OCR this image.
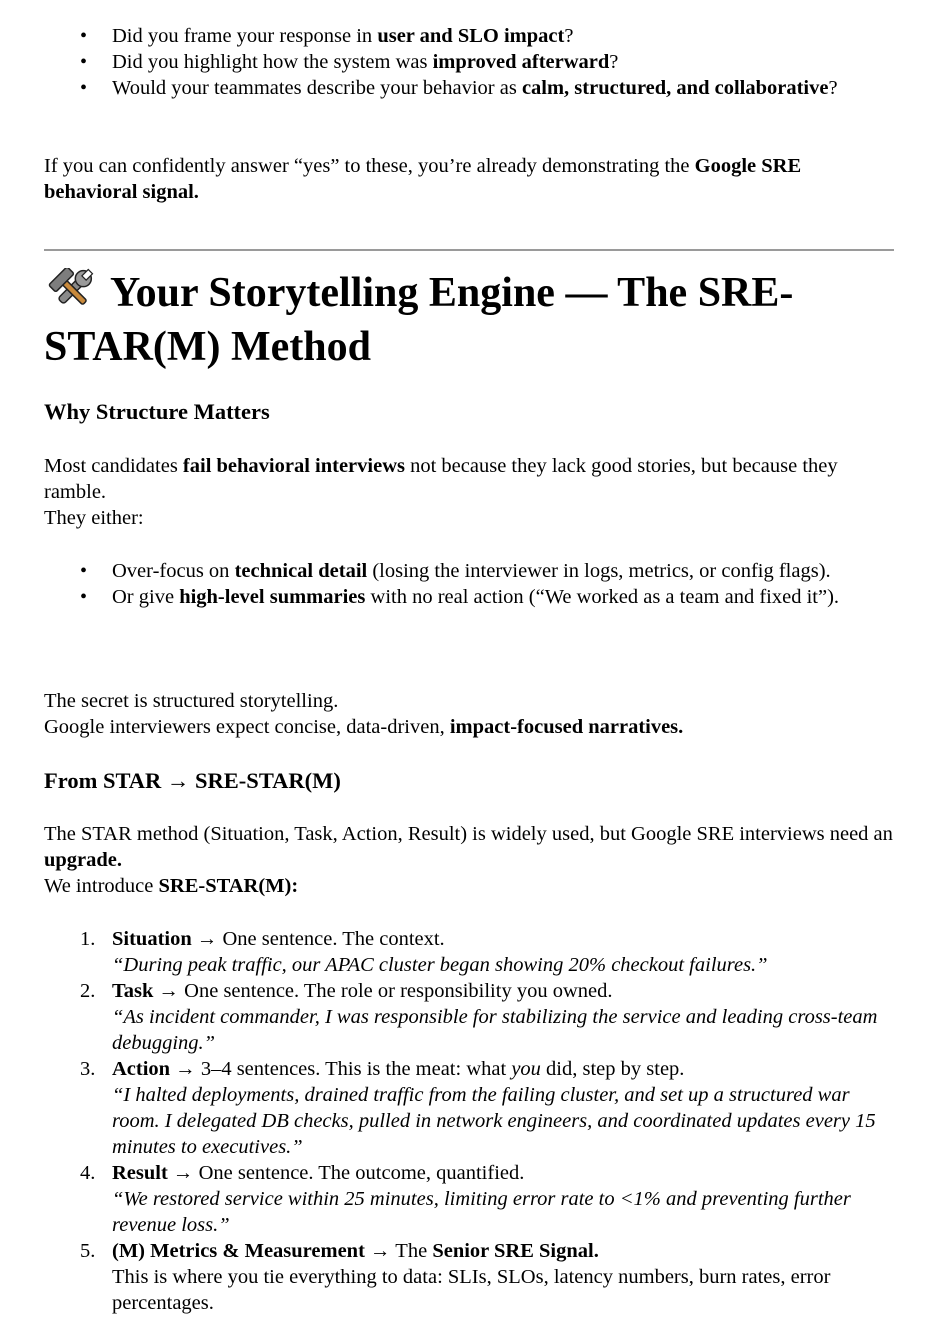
• Did you frame your response in user and SLO impact?
• Did you highlight how the system was improved afterward?
• Would your teammates describe your behavior as calm, structured, and collaborative?

If you can confidently answer “yes” to these, you’re already demonstrating the Google SRE behavioral signal.

Your Storytelling Engine — The SRE-STAR(M) Method
Why Structure Matters

Most candidates fail behavioral interviews not because they lack good stories, but because they ramble.
They either:

• Over-focus on technical detail (losing the interviewer in logs, metrics, or config flags).
• Or give high-level summaries with no real action (“We worked as a team and fixed it”).

The secret is structured storytelling.
Google interviewers expect concise, data-driven, impact-focused narratives.

From STAR → SRE-STAR(M)

The STAR method (Situation, Task, Action, Result) is widely used, but Google SRE interviews need an upgrade.
We introduce SRE-STAR(M):

1. Situation → One sentence. The context.
“During peak traffic, our APAC cluster began showing 20% checkout failures.”
2. Task → One sentence. The role or responsibility you owned.
“As incident commander, I was responsible for stabilizing the service and leading cross-team debugging.”
3. Action → 3–4 sentences. This is the meat: what you did, step by step.
“I halted deployments, drained traffic from the failing cluster, and set up a structured war room. I delegated DB checks, pulled in network engineers, and coordinated updates every 15 minutes to executives.”
4. Result → One sentence. The outcome, quantified.
“We restored service within 25 minutes, limiting error rate to <1% and preventing further revenue loss.”
5. (M) Metrics & Measurement → The Senior SRE Signal.
This is where you tie everything to data: SLIs, SLOs, latency numbers, burn rates, error percentages.
